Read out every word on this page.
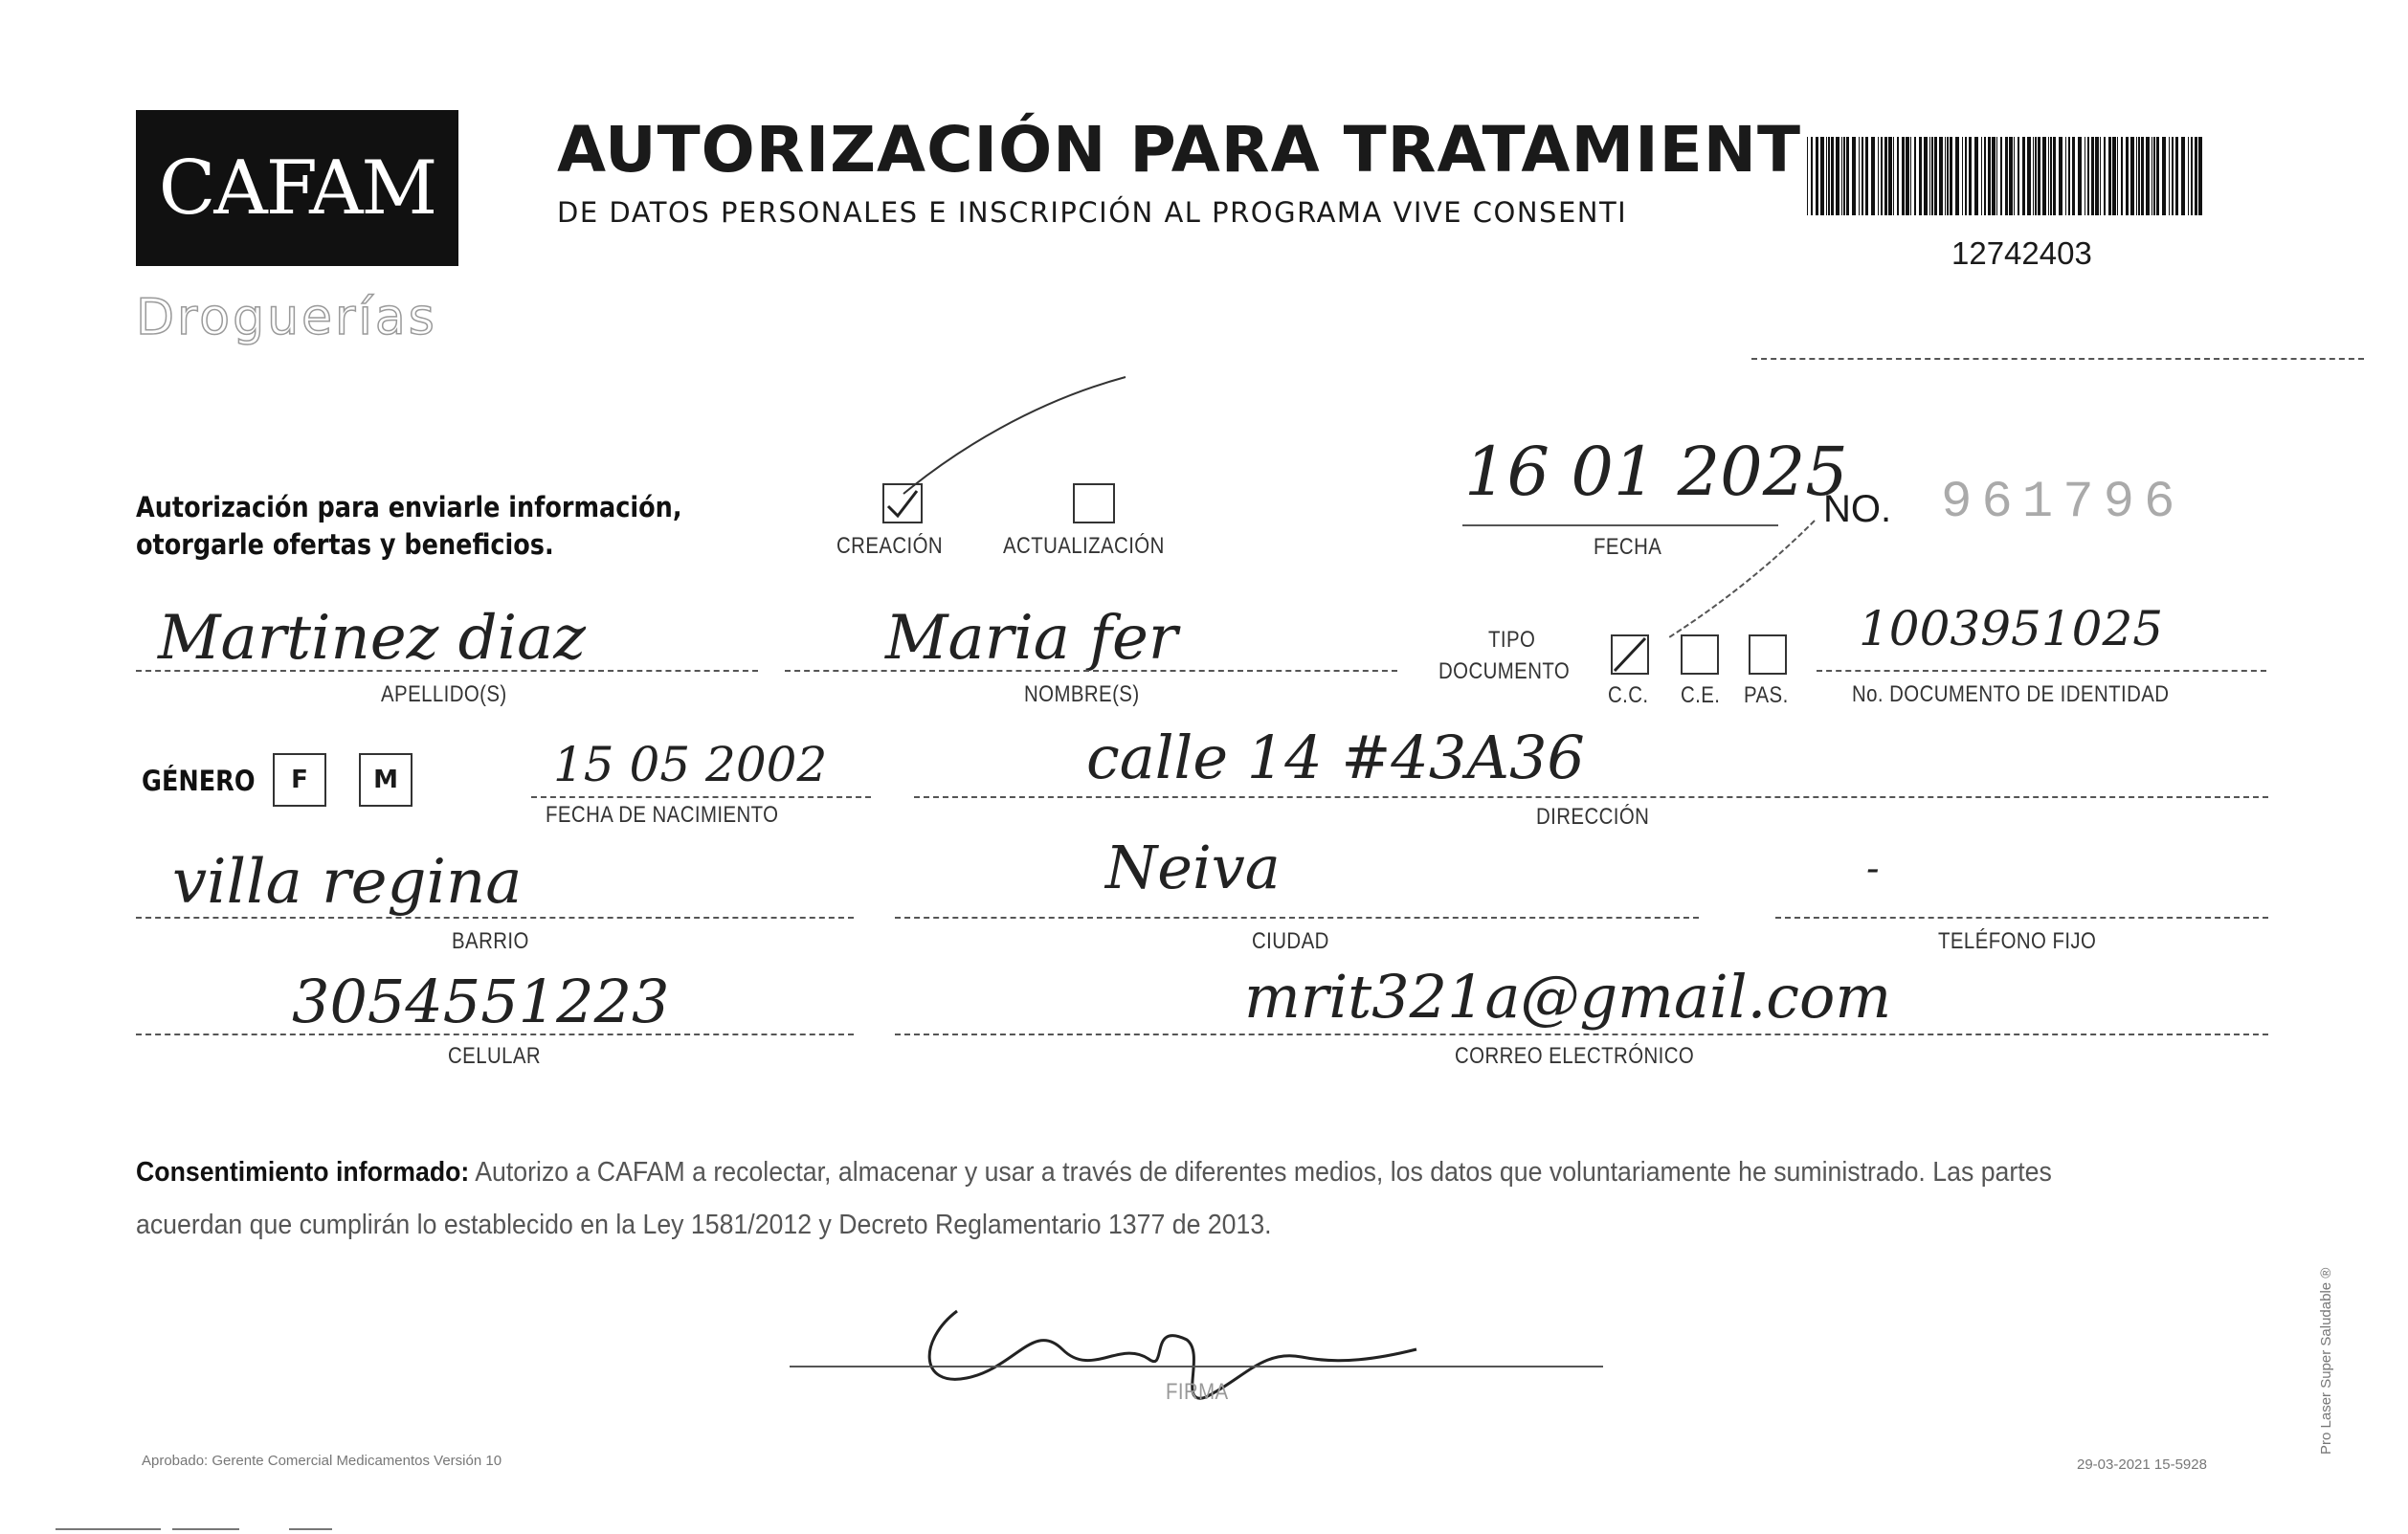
CAFAM
Droguerías
AUTORIZACIÓN PARA TRATAMIENT
DE DATOS PERSONALES E INSCRIPCIÓN AL PROGRAMA VIVE CONSENTI
12742403
Autorización para enviarle información,
otorgarle ofertas y beneficios.	CREACIÓN	ACTUALIZACIÓN
16 01 2025
FECHA
NO. 961796
Martinez diaz
APELLIDO(S)
Maria fer
NOMBRE(S)
TIPO
DOCUMENTO
C.C. C.E. PAS.
1003951025
No. DOCUMENTO DE IDENTIDAD
GÉNERO F	M	15 05 2002
FECHA DE NACIMIENTO
calle 14 #43A36
DIRECCIÓN
villa regina
BARRIO
Neiva
CIUDAD
-
TELÉFONO FIJO
3054551223
CELULAR
mrit321a@gmail.com
CORREO ELECTRÓNICO
Consentimiento informado: Autorizo a CAFAM a recolectar, almacenar y usar a través de diferentes medios, los datos que voluntariamente he suministrado. Las partes acuerdan que cumplirán lo establecido en la Ley 1581/2012 y Decreto Reglamentario 1377 de 2013.
FIRMA
Aprobado: Gerente Comercial Medicamentos Versión 10	29-03-2021 15-5928
Pro Laser Super Saludable ®
